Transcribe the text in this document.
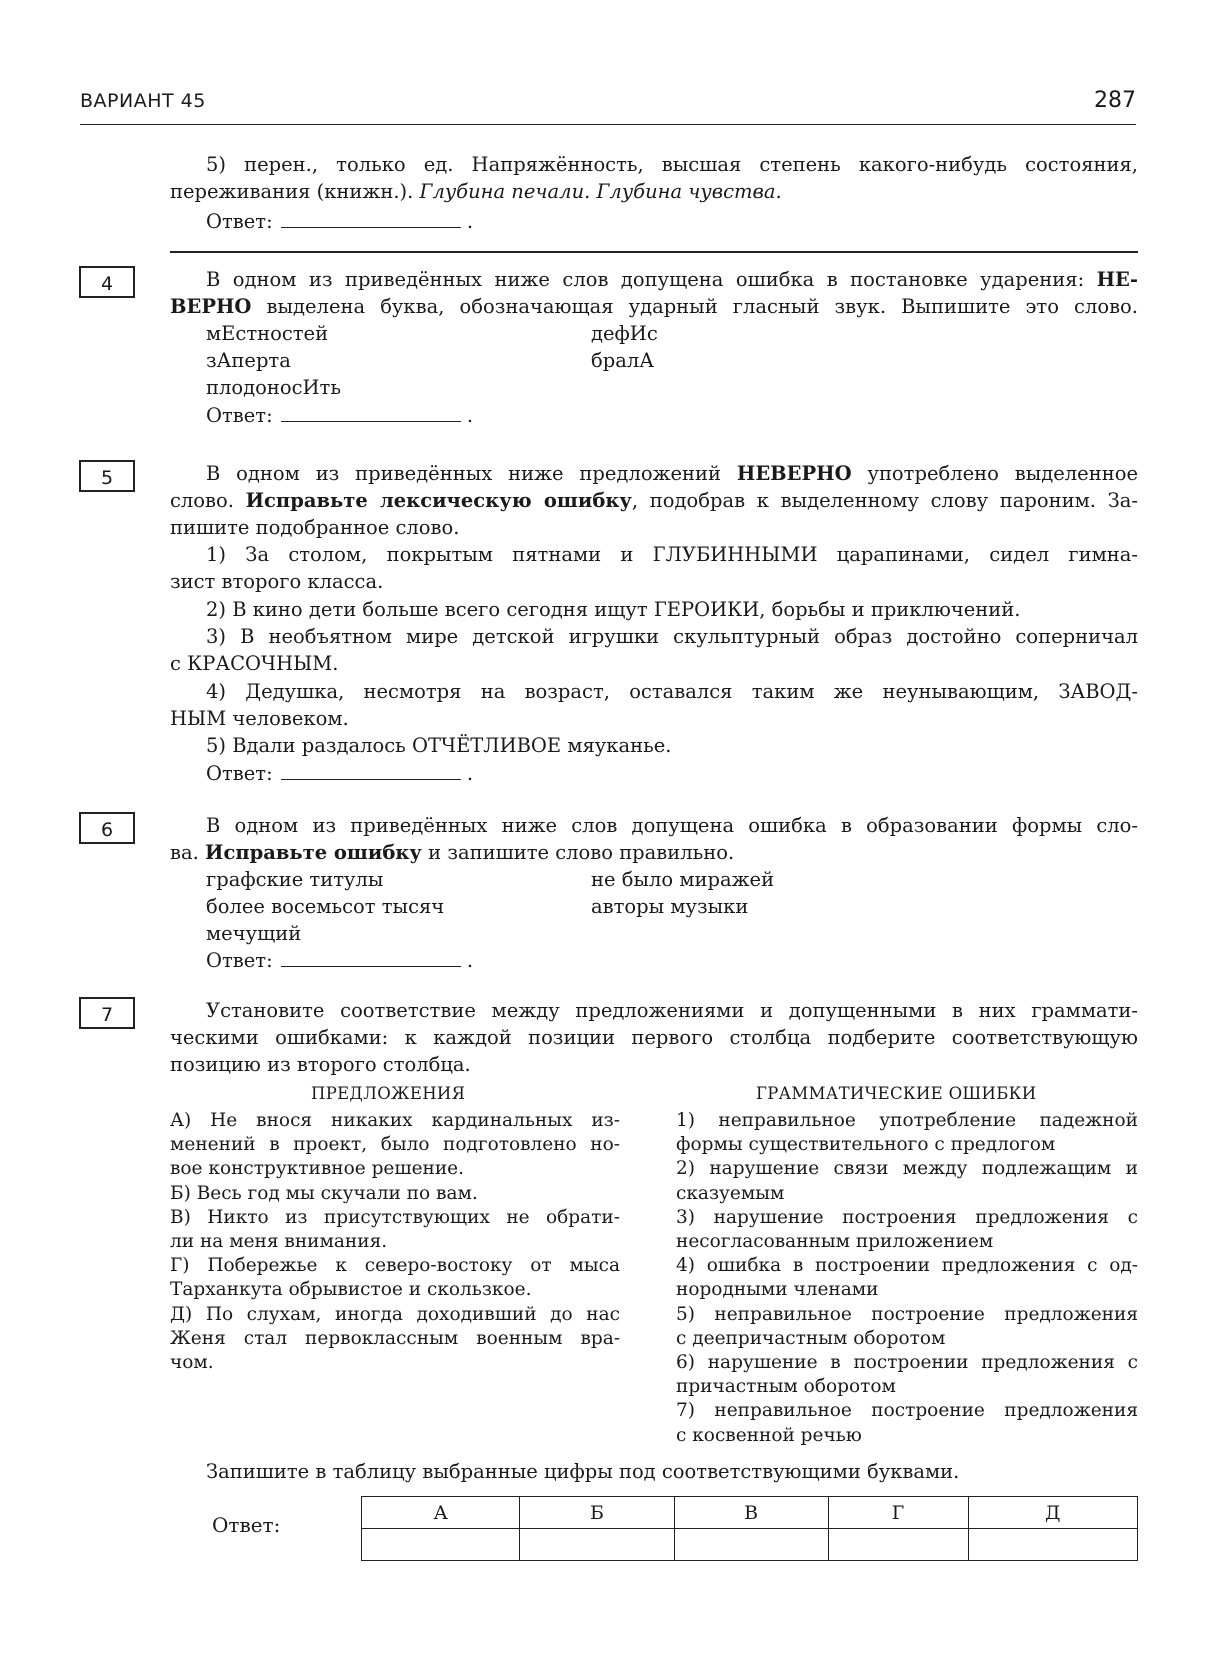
ВАРИАНТ 45	287
5) перен., только ед. Напряжённость, высшая степень какого-нибудь состояния,
переживания (книжн.). Глубина печали. Глубина чувства.
Ответ:	.
4	В одном из приведённых ниже слов допущена ошибка в постановке ударения: НЕ-
ВЕРНО выделена буква, обозначающая ударный гласный звук. Выпишите это слово.
мЕстностей	дефИс
зАперта	бралА
плодоносИть
Ответ:	.
5	В одном из приведённых ниже предложений НЕВЕРНО употреблено выделенное
слово. Исправьте лексическую ошибку, подобрав к выделенному слову пароним. За-
пишите подобранное слово.
1) За столом, покрытым пятнами и ГЛУБИННЫМИ царапинами, сидел гимна-
зист второго класса.
2) В кино дети больше всего сегодня ищут ГЕРОИКИ, борьбы и приключений.
3) В необъятном мире детской игрушки скульптурный образ достойно соперничал
с КРАСОЧНЫМ.
4) Дедушка, несмотря на возраст, оставался таким же неунывающим, ЗАВОД-
НЫМ человеком.
5) Вдали раздалось ОТЧЁТЛИВОЕ мяуканье.
Ответ:	.
6	В одном из приведённых ниже слов допущена ошибка в образовании формы сло-
ва. Исправьте ошибку и запишите слово правильно.
графские титулы	не было миражей
более восемьсот тысяч	авторы музыки
мечущий
Ответ:	.
7	Установите соответствие между предложениями и допущенными в них граммати-
ческими ошибками: к каждой позиции первого столбца подберите соответствующую
позицию из второго столбца.
ПРЕДЛОЖЕНИЯ	ГРАММАТИЧЕСКИЕ ОШИБКИ
А) Не внося никаких кардинальных из-
менений в проект, было подготовлено но-
вое конструктивное решение.
Б) Весь год мы скучали по вам.
В) Никто из присутствующих не обрати-
ли на меня внимания.
Г) Побережье к северо-востоку от мыса
Тарханкута обрывистое и скользкое.
Д) По слухам, иногда доходивший до нас
Женя стал первоклассным военным вра-
чом.
1) неправильное употребление падежной
формы существительного с предлогом
2) нарушение связи между подлежащим и
сказуемым
3) нарушение построения предложения с
несогласованным приложением
4) ошибка в построении предложения с од-
нородными членами
5) неправильное построение предложения
с деепричастным оборотом
6) нарушение в построении предложения с
причастным оборотом
7) неправильное построение предложения
с косвенной речью
Запишите в таблицу выбранные цифры под соответствующими буквами.
Ответ:
А	Б	В	Г	Д
